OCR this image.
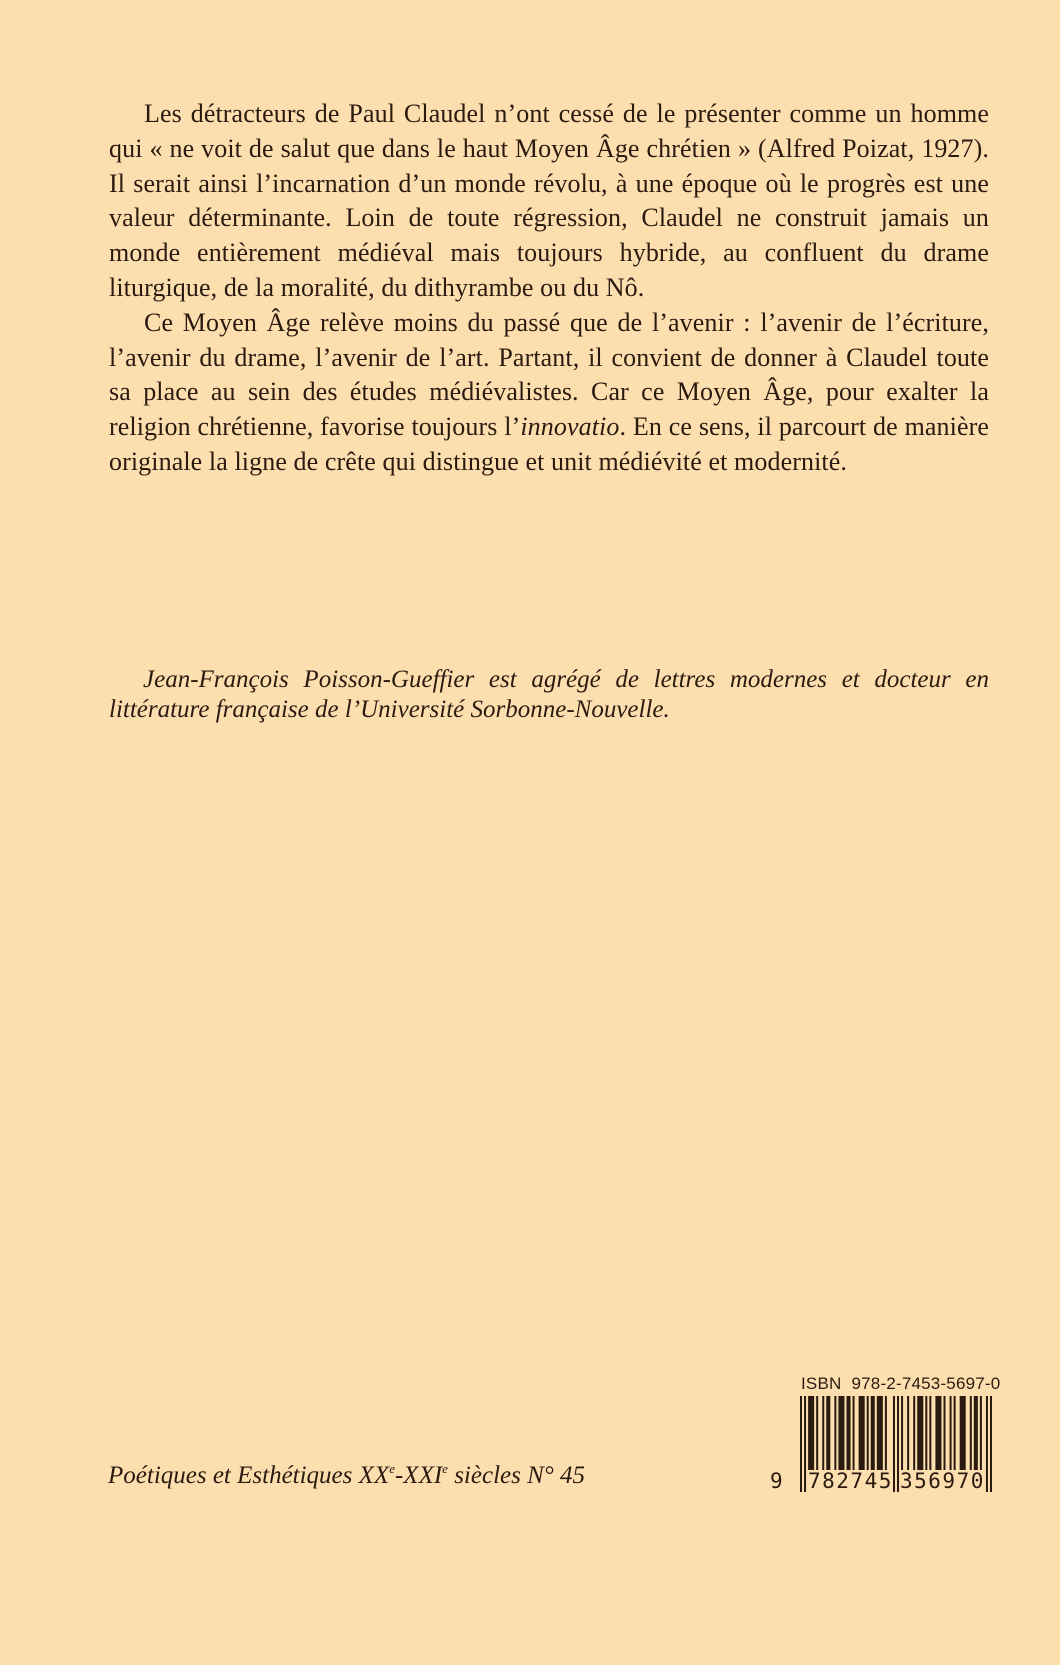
Les détracteurs de Paul Claudel n’ont cessé de le présenter comme un homme qui « ne voit de salut que dans le haut Moyen Âge chrétien » (Alfred Poizat, 1927). Il serait ainsi l’incarnation d’un monde révolu, à une époque où le progrès est une valeur déterminante. Loin de toute régression, Claudel ne construit jamais un monde entièrement médiéval mais toujours hybride, au confluent du drame liturgique, de la moralité, du dithyrambe ou du Nô.

Ce Moyen Âge relève moins du passé que de l’avenir : l’avenir de l’écriture, l’avenir du drame, l’avenir de l’art. Partant, il convient de donner à Claudel toute sa place au sein des études médiévalistes. Car ce Moyen Âge, pour exalter la religion chrétienne, favorise toujours l’innovatio. En ce sens, il parcourt de manière originale la ligne de crête qui distingue et unit médiévité et modernité.

Jean-François Poisson-Gueffier est agrégé de lettres modernes et docteur en littérature française de l’Université Sorbonne-Nouvelle.

Poétiques et Esthétiques XXe-XXIe siècles N° 45
ISBN 978-2-7453-5697-0
9 782745 356970
